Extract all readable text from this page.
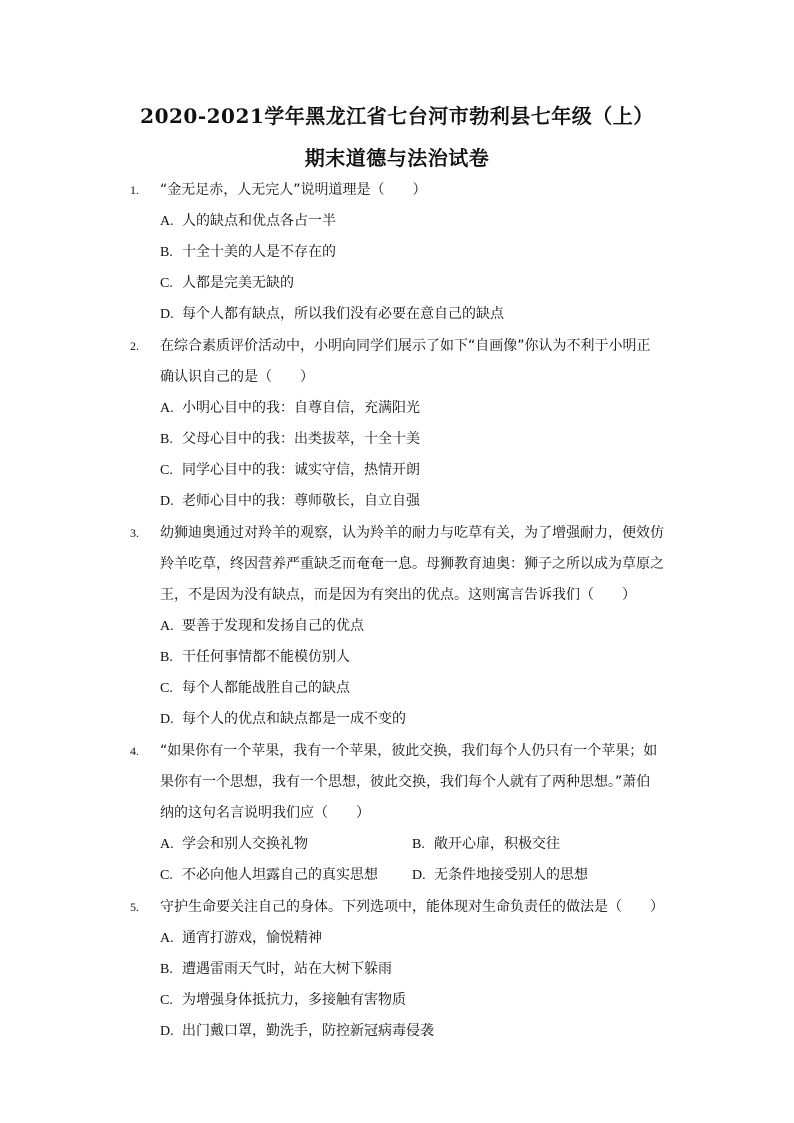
2020-2021学年黑龙江省七台河市勃利县七年级（上）
期末道德与法治试卷
1.	“金无足赤，人无完人”说明道理是（　　）
A. 人的缺点和优点各占一半
B. 十全十美的人是不存在的
C. 人都是完美无缺的
D. 每个人都有缺点，所以我们没有必要在意自己的缺点
2.	在综合素质评价活动中，小明向同学们展示了如下“自画像”你认为不利于小明正
确认识自己的是（　　）
A. 小明心目中的我：自尊自信，充满阳光
B. 父母心目中的我：出类拔萃，十全十美
C. 同学心目中的我：诚实守信，热情开朗
D. 老师心目中的我：尊师敬长，自立自强
3.	幼狮迪奥通过对羚羊的观察，认为羚羊的耐力与吃草有关，为了增强耐力，便效仿
羚羊吃草，终因营养严重缺乏而奄奄一息。母狮教育迪奥：狮子之所以成为草原之
王，不是因为没有缺点，而是因为有突出的优点。这则寓言告诉我们（　　）
A. 要善于发现和发扬自己的优点
B. 干任何事情都不能模仿别人
C. 每个人都能战胜自己的缺点
D. 每个人的优点和缺点都是一成不变的
4.	“如果你有一个苹果，我有一个苹果，彼此交换，我们每个人仍只有一个苹果；如
果你有一个思想，我有一个思想，彼此交换，我们每个人就有了两种思想。”萧伯
纳的这句名言说明我们应（　　）
A. 学会和别人交换礼物	B. 敞开心扉，积极交往
C. 不必向他人坦露自己的真实思想	D. 无条件地接受别人的思想
5.	守护生命要关注自己的身体。下列选项中，能体现对生命负责任的做法是（　　）
A. 通宵打游戏，愉悦精神
B. 遭遇雷雨天气时，站在大树下躲雨
C. 为增强身体抵抗力，多接触有害物质
D. 出门戴口罩，勤洗手，防控新冠病毒侵袭
